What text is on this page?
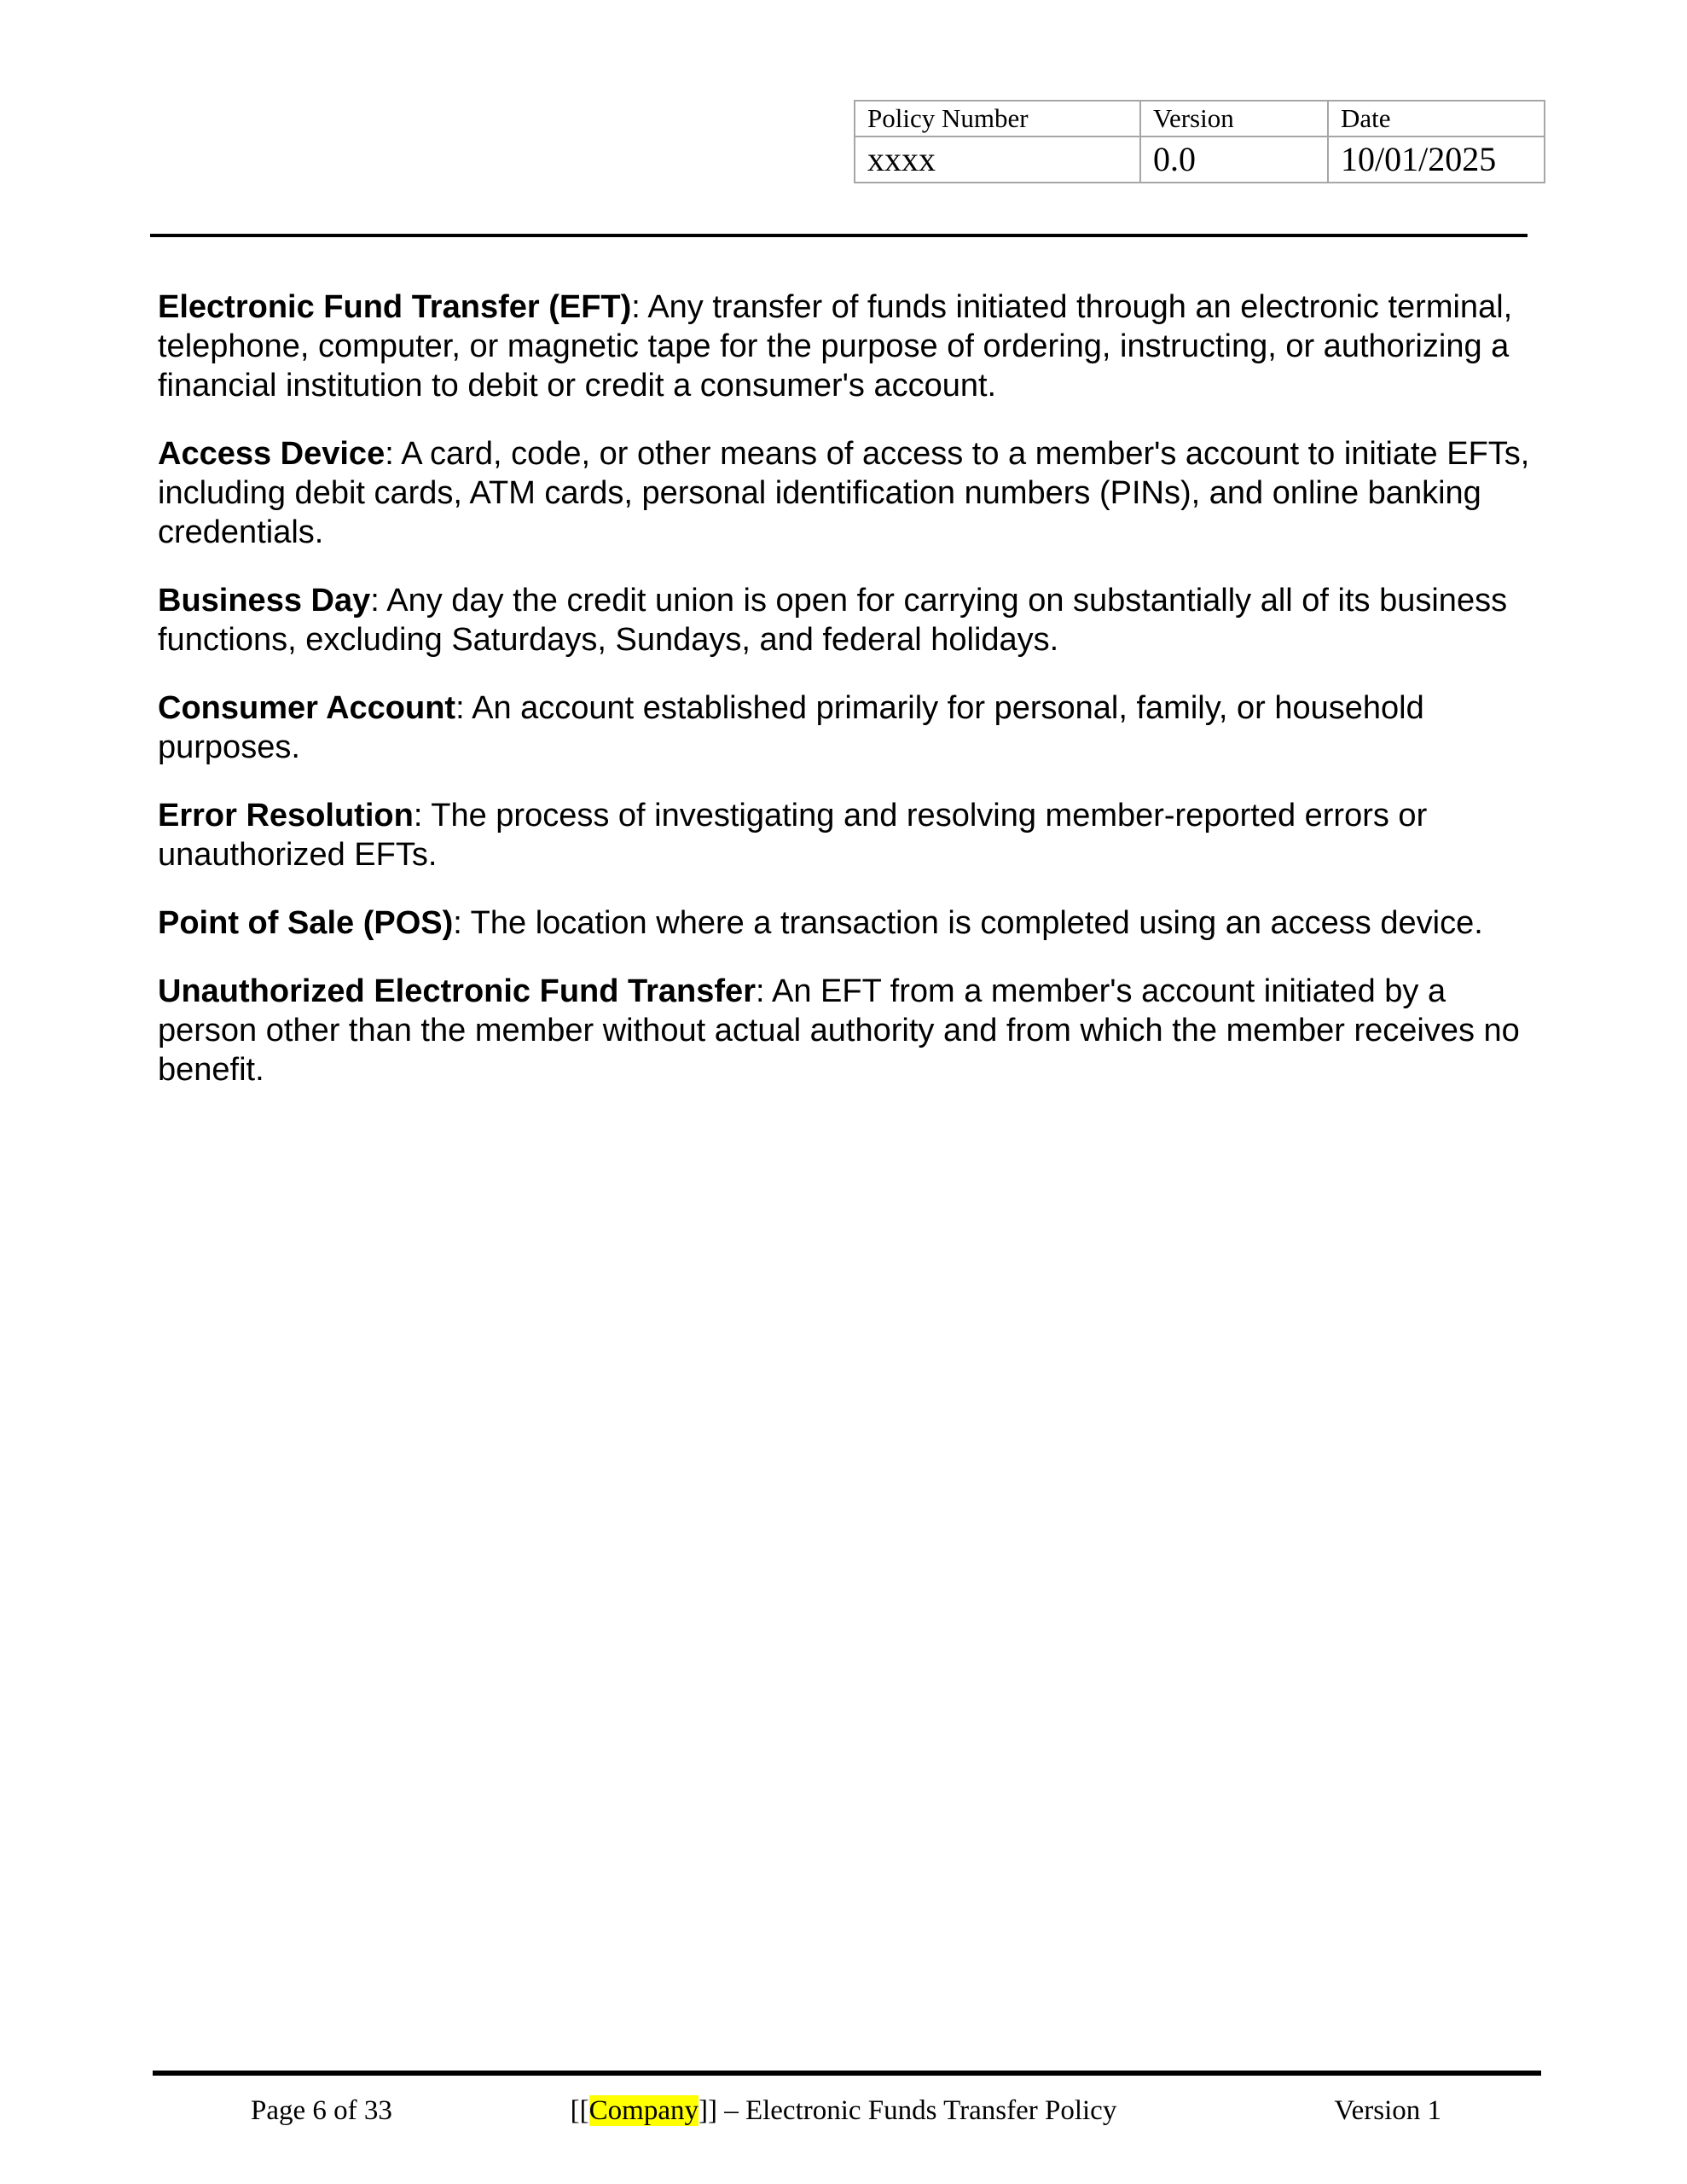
Policy Number	Version	Date
xxxx	0.0	10/01/2025

Electronic Fund Transfer (EFT): Any transfer of funds initiated through an electronic terminal, telephone, computer, or magnetic tape for the purpose of ordering, instructing, or authorizing a financial institution to debit or credit a consumer's account.

Access Device: A card, code, or other means of access to a member's account to initiate EFTs, including debit cards, ATM cards, personal identification numbers (PINs), and online banking credentials.

Business Day: Any day the credit union is open for carrying on substantially all of its business functions, excluding Saturdays, Sundays, and federal holidays.

Consumer Account: An account established primarily for personal, family, or household purposes.

Error Resolution: The process of investigating and resolving member-reported errors or unauthorized EFTs.

Point of Sale (POS): The location where a transaction is completed using an access device.

Unauthorized Electronic Fund Transfer: An EFT from a member's account initiated by a person other than the member without actual authority and from which the member receives no benefit.

Page 6 of 33	[[Company]] – Electronic Funds Transfer Policy	Version 1
